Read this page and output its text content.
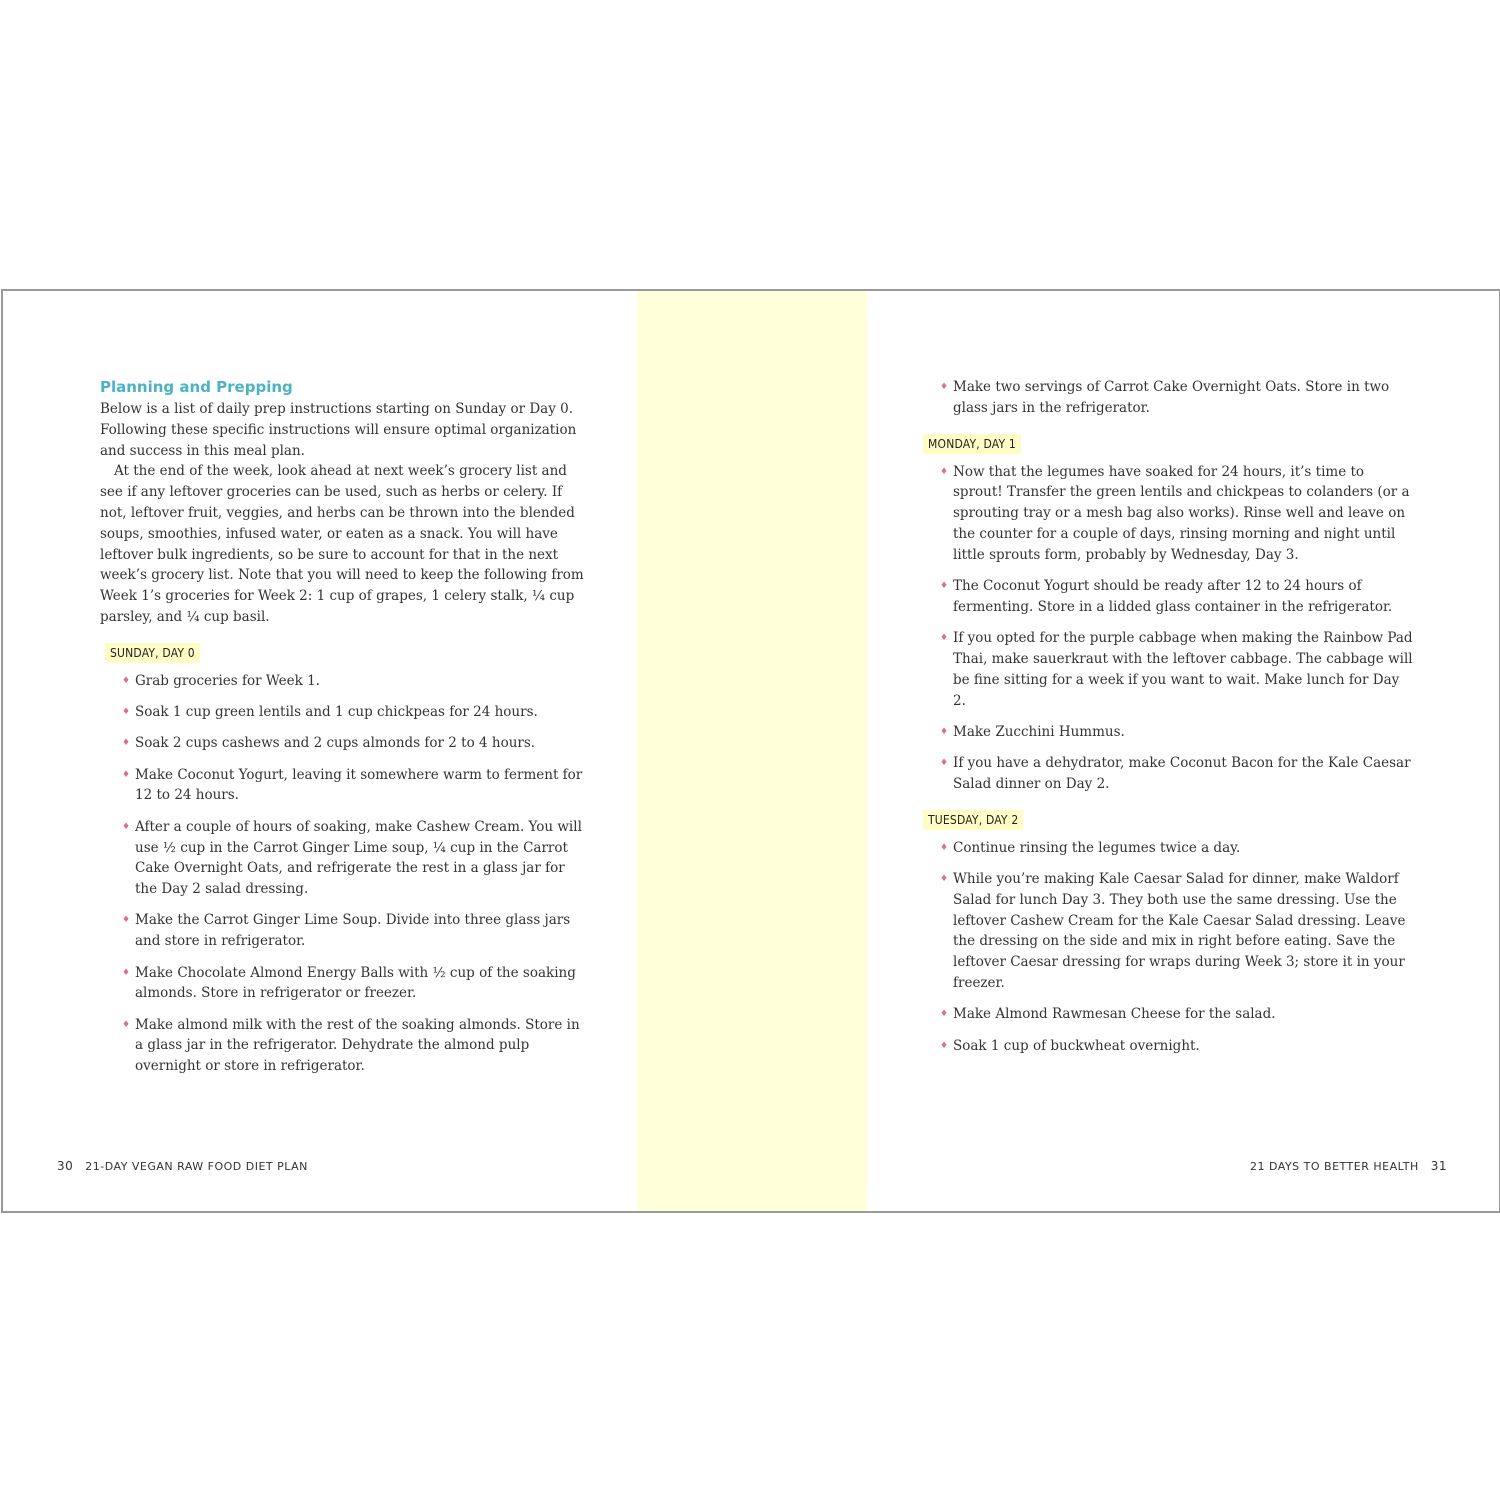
Planning and Prepping

Below is a list of daily prep instructions starting on Sunday or Day 0. Following these specific instructions will ensure optimal organization and success in this meal plan.

At the end of the week, look ahead at next week’s grocery list and see if any leftover groceries can be used, such as herbs or celery. If not, leftover fruit, veggies, and herbs can be thrown into the blended soups, smoothies, infused water, or eaten as a snack. You will have leftover bulk ingredients, so be sure to account for that in the next week’s grocery list. Note that you will need to keep the following from Week 1’s groceries for Week 2: 1 cup of grapes, 1 celery stalk, ¼ cup parsley, and ¼ cup basil.

SUNDAY, DAY 0
♦ Grab groceries for Week 1.
♦ Soak 1 cup green lentils and 1 cup chickpeas for 24 hours.
♦ Soak 2 cups cashews and 2 cups almonds for 2 to 4 hours.
♦ Make Coconut Yogurt, leaving it somewhere warm to ferment for 12 to 24 hours.
♦ After a couple of hours of soaking, make Cashew Cream. You will use ½ cup in the Carrot Ginger Lime soup, ¼ cup in the Carrot Cake Overnight Oats, and refrigerate the rest in a glass jar for the Day 2 salad dressing.
♦ Make the Carrot Ginger Lime Soup. Divide into three glass jars and store in refrigerator.
♦ Make Chocolate Almond Energy Balls with ½ cup of the soaking almonds. Store in refrigerator or freezer.
♦ Make almond milk with the rest of the soaking almonds. Store in a glass jar in the refrigerator. Dehydrate the almond pulp overnight or store in refrigerator.
30 21-DAY VEGAN RAW FOOD DIET PLAN
♦ Make two servings of Carrot Cake Overnight Oats. Store in two glass jars in the refrigerator.
MONDAY, DAY 1
♦ Now that the legumes have soaked for 24 hours, it’s time to sprout! Transfer the green lentils and chickpeas to colanders (or a sprouting tray or a mesh bag also works). Rinse well and leave on the counter for a couple of days, rinsing morning and night until little sprouts form, probably by Wednesday, Day 3.
♦ The Coconut Yogurt should be ready after 12 to 24 hours of fermenting. Store in a lidded glass container in the refrigerator.
♦ If you opted for the purple cabbage when making the Rainbow Pad Thai, make sauerkraut with the leftover cabbage. The cabbage will be fine sitting for a week if you want to wait. Make lunch for Day 2.
♦ Make Zucchini Hummus.
♦ If you have a dehydrator, make Coconut Bacon for the Kale Caesar Salad dinner on Day 2.
TUESDAY, DAY 2
♦ Continue rinsing the legumes twice a day.
♦ While you’re making Kale Caesar Salad for dinner, make Waldorf Salad for lunch Day 3. They both use the same dressing. Use the leftover Cashew Cream for the Kale Caesar Salad dressing. Leave the dressing on the side and mix in right before eating. Save the leftover Caesar dressing for wraps during Week 3; store it in your freezer.
♦ Make Almond Rawmesan Cheese for the salad.
♦ Soak 1 cup of buckwheat overnight.
21 DAYS TO BETTER HEALTH 31
